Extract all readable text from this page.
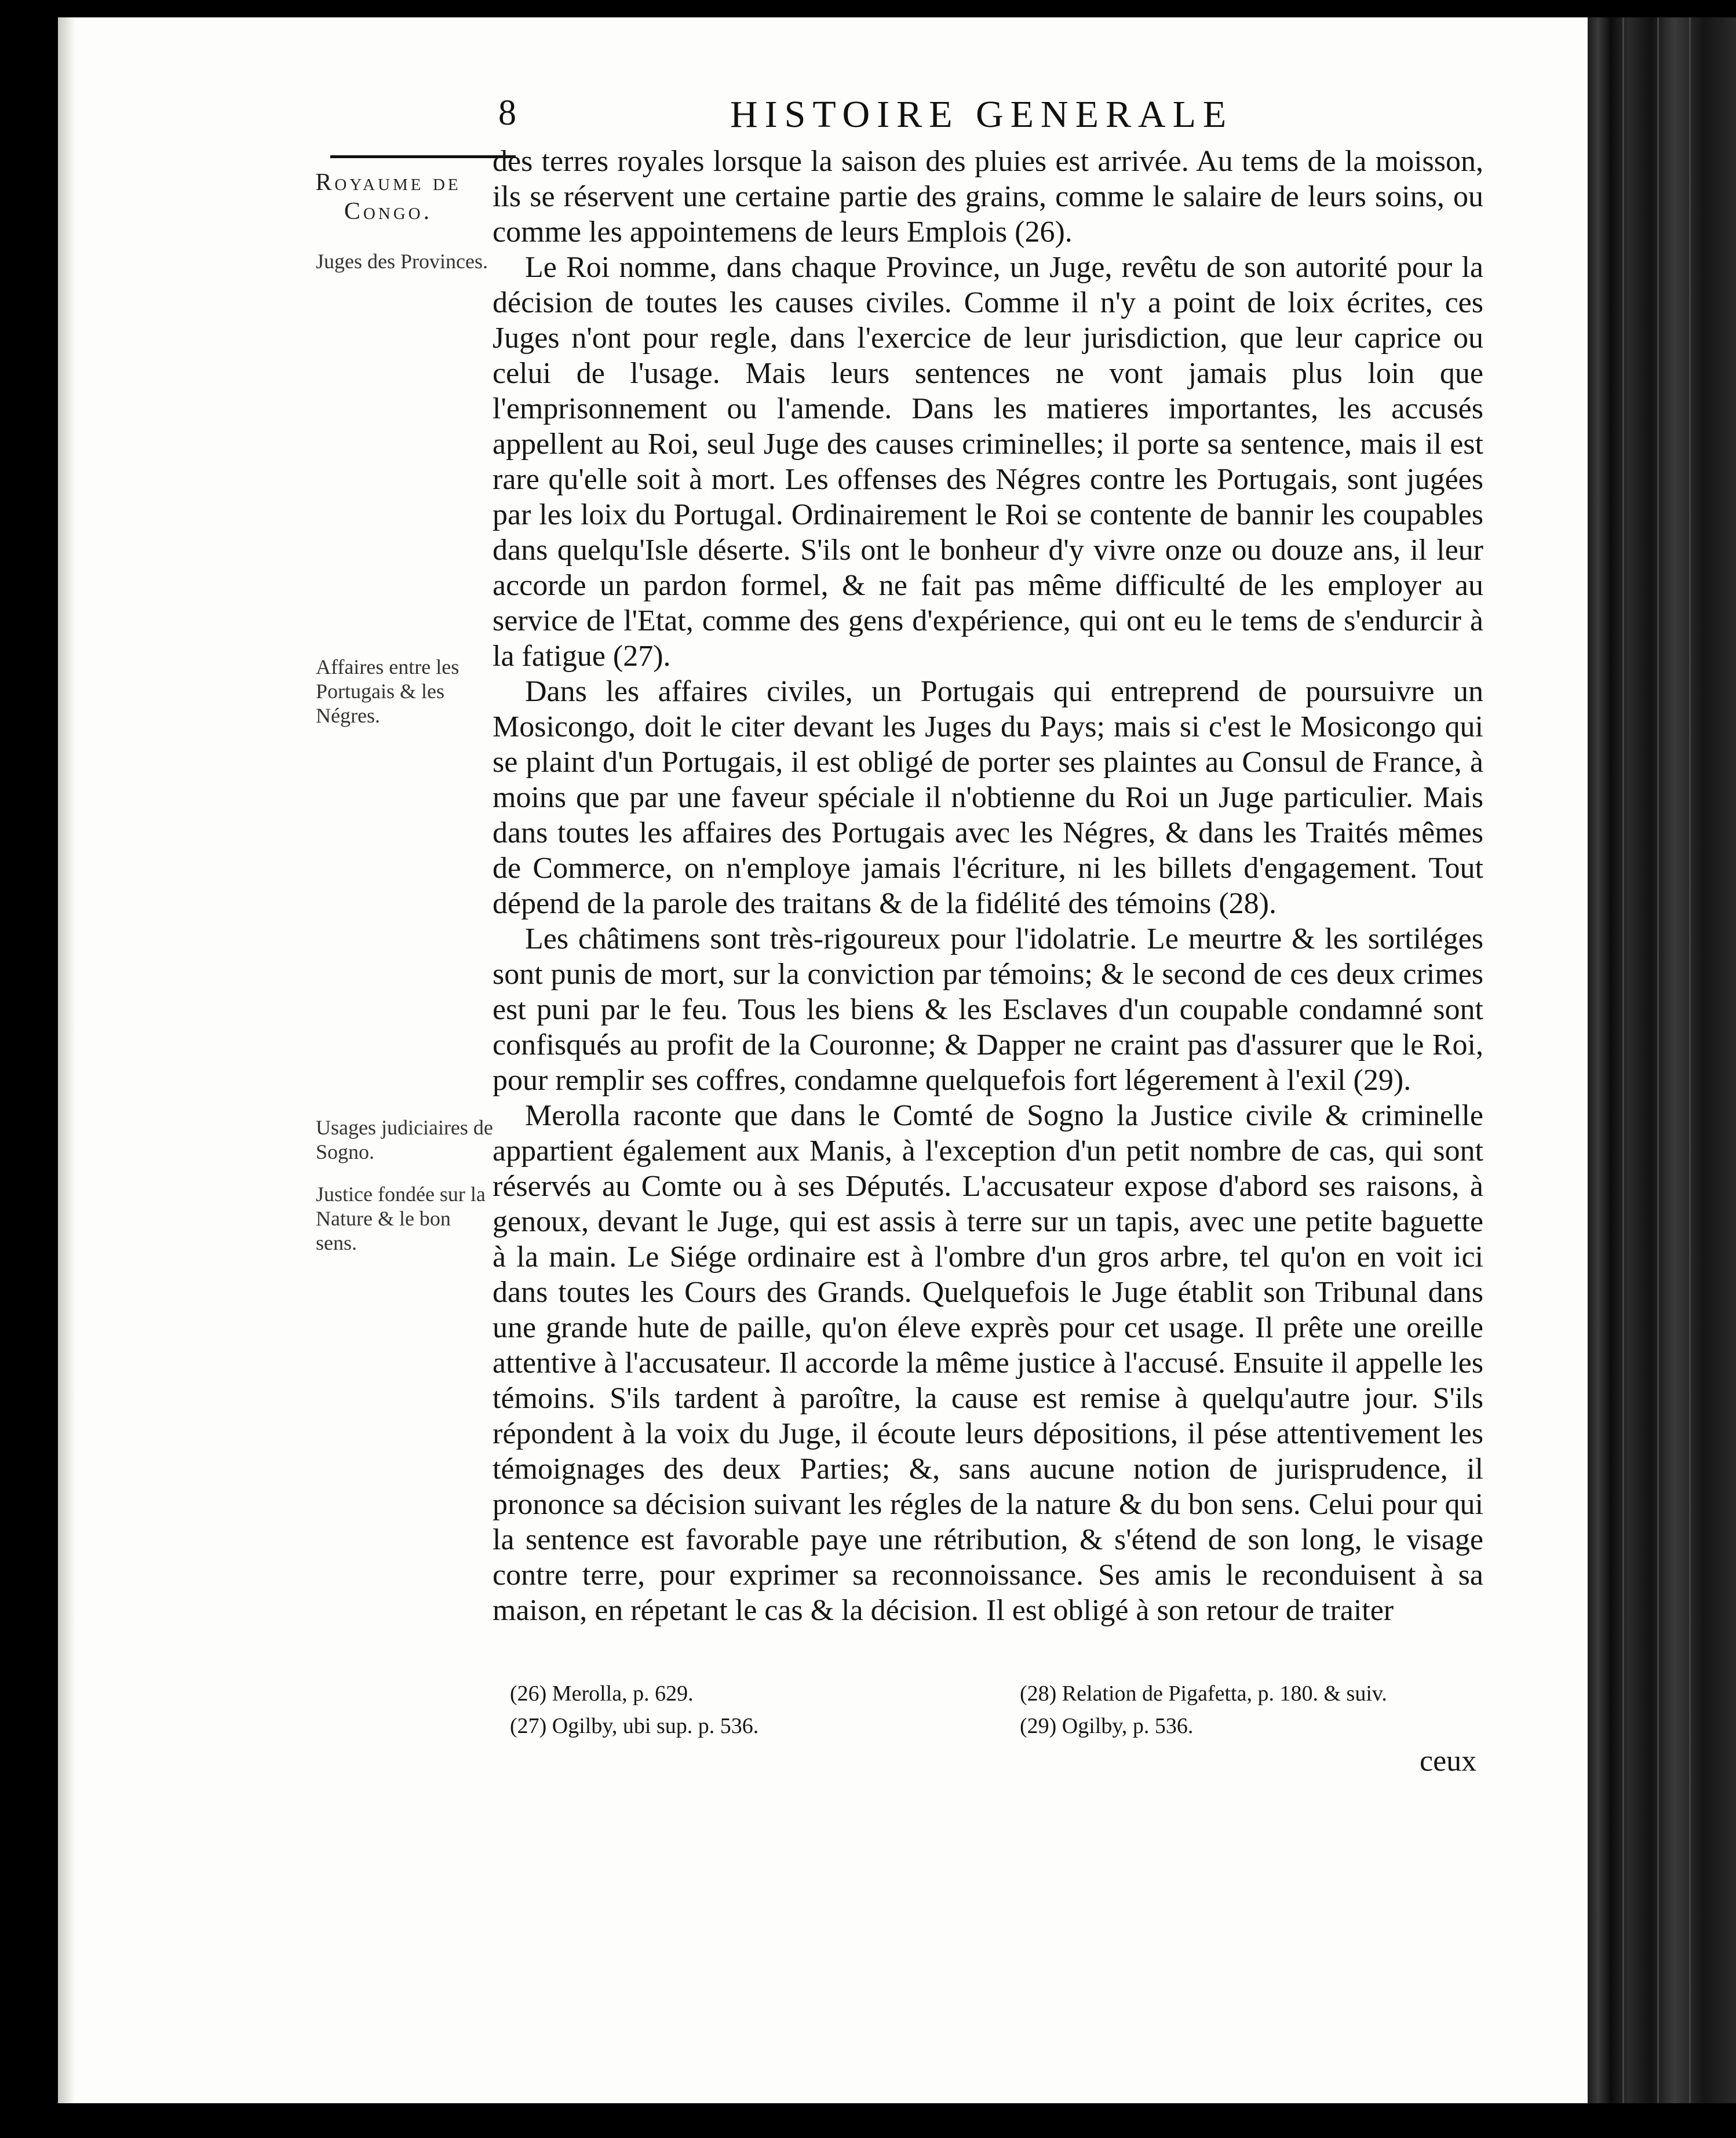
8	HISTOIRE GENERALE
Royaume de Congo.
Juges des Provinces.
Affaires entre les Portugais & les Négres.
Usages judiciaires de Sogno.
Justice fondée sur la Nature & le bon sens.

des terres royales lorsque la saison des pluies est arrivée. Au tems de la moisson, ils se réservent une certaine partie des grains, comme le salaire de leurs soins, ou comme les appointemens de leurs Emplois (26).

Le Roi nomme, dans chaque Province, un Juge, revêtu de son autorité pour la décision de toutes les causes civiles. Comme il n'y a point de loix écrites, ces Juges n'ont pour regle, dans l'exercice de leur jurisdiction, que leur caprice ou celui de l'usage. Mais leurs sentences ne vont jamais plus loin que l'emprisonnement ou l'amende. Dans les matieres importantes, les accusés appellent au Roi, seul Juge des causes criminelles; il porte sa sentence, mais il est rare qu'elle soit à mort. Les offenses des Négres contre les Portugais, sont jugées par les loix du Portugal. Ordinairement le Roi se contente de bannir les coupables dans quelqu'Isle déserte. S'ils ont le bonheur d'y vivre onze ou douze ans, il leur accorde un pardon formel, & ne fait pas même difficulté de les employer au service de l'Etat, comme des gens d'expérience, qui ont eu le tems de s'endurcir à la fatigue (27).

Dans les affaires civiles, un Portugais qui entreprend de poursuivre un Mosicongo, doit le citer devant les Juges du Pays; mais si c'est le Mosicongo qui se plaint d'un Portugais, il est obligé de porter ses plaintes au Consul de France, à moins que par une faveur spéciale il n'obtienne du Roi un Juge particulier. Mais dans toutes les affaires des Portugais avec les Négres, & dans les Traités mêmes de Commerce, on n'employe jamais l'écriture, ni les billets d'engagement. Tout dépend de la parole des traitans & de la fidélité des témoins (28).

Les châtimens sont très-rigoureux pour l'idolatrie. Le meurtre & les sortiléges sont punis de mort, sur la conviction par témoins; & le second de ces deux crimes est puni par le feu. Tous les biens & les Esclaves d'un coupable condamné sont confisqués au profit de la Couronne; & Dapper ne craint pas d'assurer que le Roi, pour remplir ses coffres, condamne quelquefois fort légerement à l'exil (29).

Merolla raconte que dans le Comté de Sogno la Justice civile & criminelle appartient également aux Manis, à l'exception d'un petit nombre de cas, qui sont réservés au Comte ou à ses Députés. L'accusateur expose d'abord ses raisons, à genoux, devant le Juge, qui est assis à terre sur un tapis, avec une petite baguette à la main. Le Siége ordinaire est à l'ombre d'un gros arbre, tel qu'on en voit ici dans toutes les Cours des Grands. Quelquefois le Juge établit son Tribunal dans une grande hute de paille, qu'on éleve exprès pour cet usage. Il prête une oreille attentive à l'accusateur. Il accorde la même justice à l'accusé. Ensuite il appelle les témoins. S'ils tardent à paroître, la cause est remise à quelqu'autre jour. S'ils répondent à la voix du Juge, il écoute leurs dépositions, il pése attentivement les témoignages des deux Parties; &, sans aucune notion de jurisprudence, il prononce sa décision suivant les régles de la nature & du bon sens. Celui pour qui la sentence est favorable paye une rétribution, & s'étend de son long, le visage contre terre, pour exprimer sa reconnoissance. Ses amis le reconduisent à sa maison, en répetant le cas & la décision. Il est obligé à son retour de traiter

(26) Merolla, p. 629.
(27) Ogilby, ubi sup. p. 536.
(28) Relation de Pigafetta, p. 180. & suiv.
(29) Ogilby, p. 536.
ceux
